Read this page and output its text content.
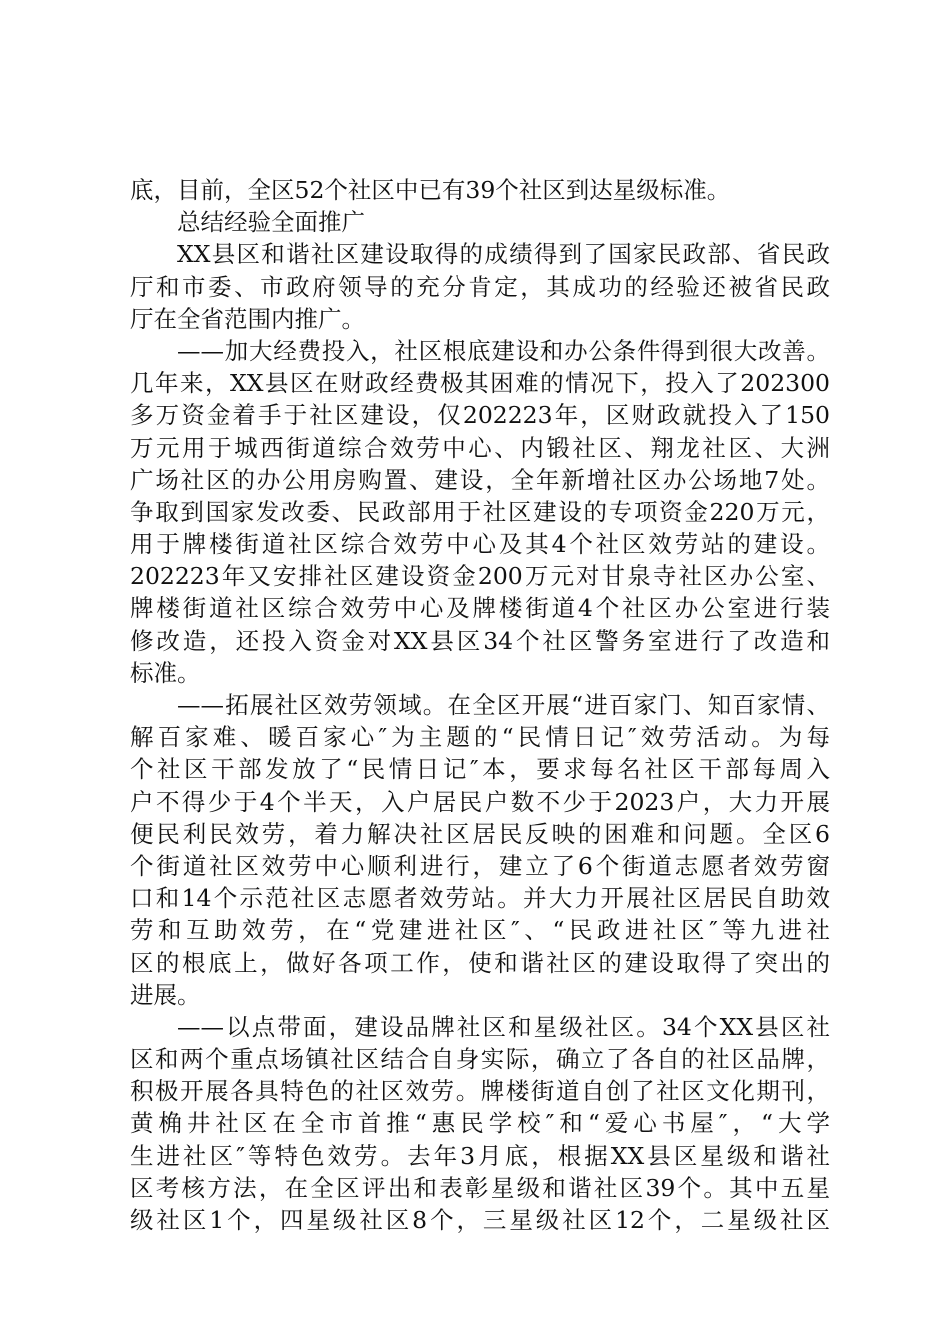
底，目前，全区52个社区中已有39个社区到达星级标准。
总结经验全面推广
XX县区和谐社区建设取得的成绩得到了国家民政部、省民政
厅和市委、市政府领导的充分肯定，其成功的经验还被省民政
厅在全省范围内推广。
——加大经费投入，社区根底建设和办公条件得到很大改善。
几年来，XX县区在财政经费极其困难的情况下，投入了202300
多万资金着手于社区建设，仅202223年，区财政就投入了150
万元用于城西街道综合效劳中心、内锻社区、翔龙社区、大洲
广场社区的办公用房购置、建设，全年新增社区办公场地7处。
争取到国家发改委、民政部用于社区建设的专项资金220万元，
用于牌楼街道社区综合效劳中心及其4个社区效劳站的建设。
202223年又安排社区建设资金200万元对甘泉寺社区办公室、
牌楼街道社区综合效劳中心及牌楼街道4个社区办公室进行装
修改造，还投入资金对XX县区34个社区警务室进行了改造和
标准。
——拓展社区效劳领域。在全区开展“进百家门、知百家情、
解百家难、暖百家心″为主题的“民情日记″效劳活动。为每
个社区干部发放了“民情日记″本，要求每名社区干部每周入
户不得少于4个半天，入户居民户数不少于2023户，大力开展
便民利民效劳，着力解决社区居民反映的困难和问题。全区6
个街道社区效劳中心顺利进行，建立了6个街道志愿者效劳窗
口和14个示范社区志愿者效劳站。并大力开展社区居民自助效
劳和互助效劳，在“党建进社区″、“民政进社区″等九进社
区的根底上，做好各项工作，使和谐社区的建设取得了突出的
进展。
——以点带面，建设品牌社区和星级社区。34个XX县区社
区和两个重点场镇社区结合自身实际，确立了各自的社区品牌，
积极开展各具特色的社区效劳。牌楼街道自创了社区文化期刊，
黄桷井社区在全市首推“惠民学校″和“爱心书屋″，“大学
生进社区″等特色效劳。去年3月底，根据XX县区星级和谐社
区考核方法，在全区评出和表彰星级和谐社区39个。其中五星
级社区1个，四星级社区8个，三星级社区12个，二星级社区
